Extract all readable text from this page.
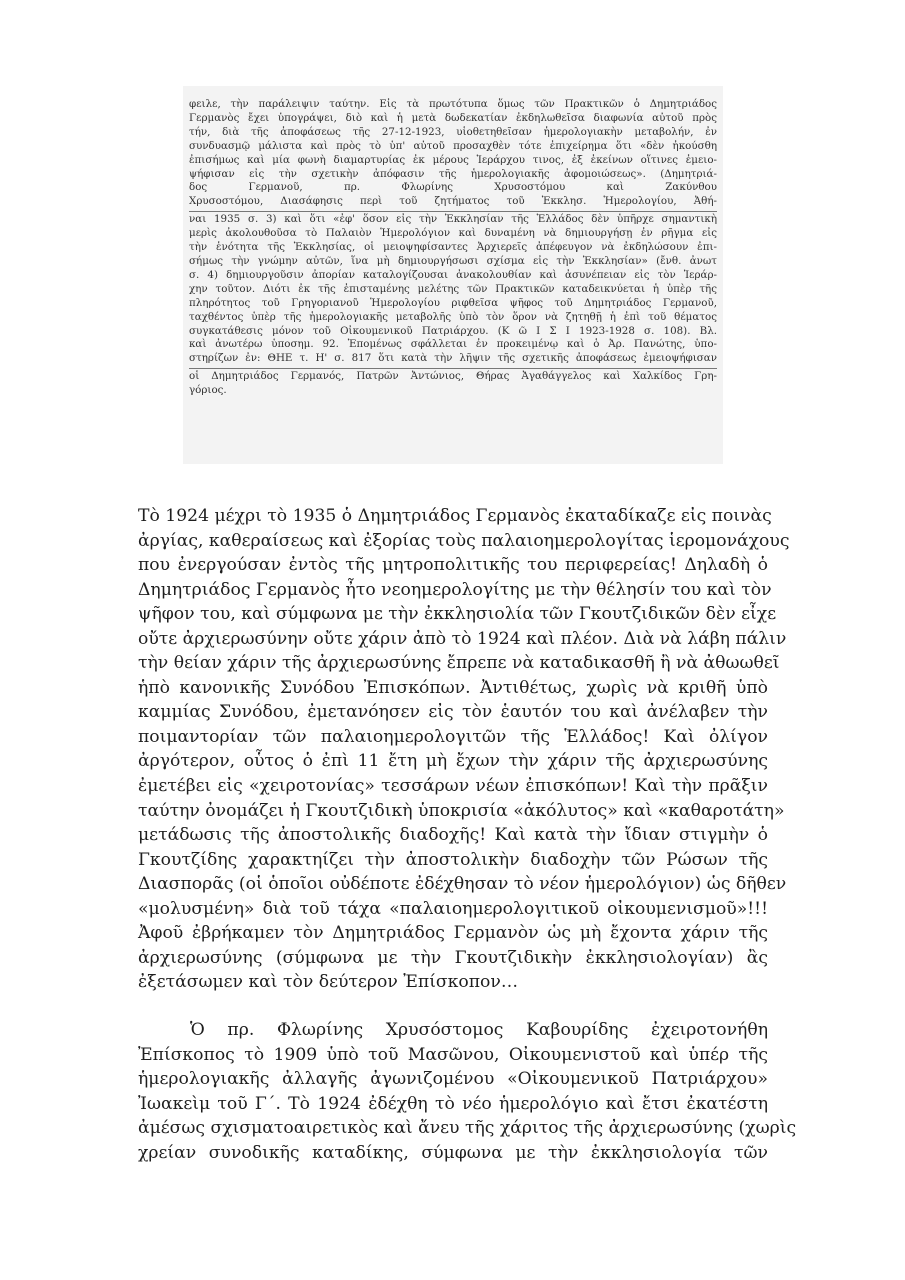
φειλε, τὴν παράλειψιν ταύτην. Εἰς τὰ πρωτότυπα ὅμως τῶν Πρακτικῶν ὁ Δημητριάδος
Γερμανὸς ἔχει ὑπογράψει, διὸ καὶ ἡ μετὰ δωδεκατίαν ἐκδηλωθεῖσα διαφωνία αὐτοῦ πρὸς
τήν, διὰ τῆς ἀποφάσεως τῆς 27-12-1923, υἱοθετηθεῖσαν ἡμερολογιακὴν μεταβολήν, ἐν
συνδυασμῷ μάλιστα καὶ πρὸς τὸ ὑπ' αὐτοῦ προσαχθὲν τότε ἐπιχείρημα ὅτι «δὲν ἠκούσθη
ἐπισήμως καὶ μία φωνὴ διαμαρτυρίας ἐκ μέρους Ἱεράρχου τινος, ἐξ ἐκείνων οἵτινες ἐμειο-
ψήφισαν εἰς τὴν σχετικὴν ἀπόφασιν τῆς ἡμερολογιακῆς ἀφομοιώσεως». (Δημητριά-
δος Γερμανοῦ, πρ. Φλωρίνης Χρυσοστόμου καὶ Ζακύνθου
Χρυσοστόμου, Διασάφησις περὶ τοῦ ζητήματος τοῦ Ἐκκλησ. Ἡμερολογίου, Ἀθή-
ναι 1935 σ. 3) καὶ ὅτι «ἐφ' ὅσον εἰς τὴν Ἐκκλησίαν τῆς Ἑλλάδος δὲν ὑπῆρχε σημαντικὴ
μερὶς ἀκολουθοῦσα τὸ Παλαιὸν Ἡμερολόγιον καὶ δυναμένη νὰ δημιουργήσῃ ἐν ρῆγμα εἰς
τὴν ἑνότητα τῆς Ἐκκλησίας, οἱ μειοψηφίσαντες Ἀρχιερεῖς ἀπέφευγον νὰ ἐκδηλώσουν ἐπι-
σήμως τὴν γνώμην αὐτῶν, ἵνα μὴ δημιουργήσωσι σχίσμα εἰς τὴν Ἐκκλησίαν» (ἔνθ. ἀνωτ
σ. 4) δημιουργοῦσιν ἀπορίαν καταλογίζουσαι ἀνακολουθίαν καὶ ἀσυνέπειαν εἰς τὸν Ἱεράρ-
χην τοῦτον. Διότι ἐκ τῆς ἐπισταμένης μελέτης τῶν Πρακτικῶν καταδεικνύεται ἡ ὑπὲρ τῆς
πληρότητος τοῦ Γρηγοριανοῦ Ἡμερολογίου ριφθεῖσα ψῆφος τοῦ Δημητριάδος Γερμανοῦ,
ταχθέντος ὑπὲρ τῆς ἡμερολογιακῆς μεταβολῆς ὑπὸ τὸν ὅρον νὰ ζητηθῇ ἡ ἐπὶ τοῦ θέματος
συγκατάθεσις μόνον τοῦ Οἰκουμενικοῦ Πατριάρχου. (Κ ῶ Ι Σ Ι 1923-1928 σ. 108). Βλ.
καὶ ἀνωτέρω ὑποσημ. 92. Ἐπομένως σφάλλεται ἐν προκειμένῳ καὶ ὁ Ἀρ. Πανώτης, ὑπο-
στηρίζων ἐν: ΘΗΕ τ. Η' σ. 817 ὅτι κατὰ τὴν λῆψιν τῆς σχετικῆς ἀποφάσεως ἐμειοψήφισαν
οἱ Δημητριάδος Γερμανός, Πατρῶν Ἀντώνιος, Θήρας Ἀγαθάγγελος καὶ Χαλκίδος Γρη-
γόριος.
Τὸ 1924 μέχρι τὸ 1935 ὁ Δημητριάδος Γερμανὸς ἐκαταδίκαζε εἰς ποινὰς
ἀργίας, καθεραίσεως καὶ ἐξορίας τοὺς παλαιοημερολογίτας ἱερομονάχους
που ἐνεργούσαν ἐντὸς τῆς μητροπολιτικῆς του περιφερείας! Δηλαδὴ ὁ
Δημητριάδος Γερμανὸς ἦτο νεοημερολογίτης με τὴν θέλησίν του καὶ τὸν
ψῆφον του, καὶ σύμφωνα με τὴν ἐκκλησιολία τῶν Γκουτζιδικῶν δὲν εἶχε
οὔτε ἀρχιερωσύνην οὔτε χάριν ἀπὸ τὸ 1924 καὶ πλέον. Διὰ νὰ λάβη πάλιν
τὴν θείαν χάριν τῆς ἀρχιερωσύνης ἔπρεπε νὰ καταδικασθῆ ἢ νὰ ἀθωωθεῖ
ἡπὸ κανονικῆς Συνόδου Ἐπισκόπων. Ἀντιθέτως, χωρὶς νὰ κριθῆ ὑπὸ
καμμίας Συνόδου, ἐμετανόησεν εἰς τὸν ἑαυτόν του καὶ ἀνέλαβεν τὴν
ποιμαντορίαν τῶν παλαιοημερολογιτῶν τῆς Ἑλλάδος! Καὶ ὀλίγον
ἀργότερον, οὗτος ὁ ἐπὶ 11 ἔτη μὴ ἔχων τὴν χάριν τῆς ἀρχιερωσύνης
ἐμετέβει εἰς «χειροτονίας» τεσσάρων νέων ἐπισκόπων! Καὶ τὴν πρᾶξιν
ταύτην ὀνομάζει ἡ Γκουτζιδικὴ ὑποκρισία «ἀκόλυτος» καὶ «καθαροτάτη»
μετάδωσις τῆς ἀποστολικῆς διαδοχῆς! Καὶ κατὰ τὴν ἴδιαν στιγμὴν ὁ
Γκουτζίδης χαρακτηίζει τὴν ἀποστολικὴν διαδοχὴν τῶν Ρώσων τῆς
Διασπορᾶς (οἱ ὁποῖοι οὐδέποτε ἐδέχθησαν τὸ νέον ἡμερολόγιον) ὡς δῆθεν
«μολυσμένη» διὰ τοῦ τάχα «παλαιοημερολογιτικοῦ οἰκουμενισμοῦ»!!!
Ἀφοῦ ἐβρήκαμεν τὸν Δημητριάδος Γερμανὸν ὡς μὴ ἔχοντα χάριν τῆς
ἀρχιερωσύνης (σύμφωνα με τὴν Γκουτζιδικὴν ἐκκλησιολογίαν) ἂς
ἐξετάσωμεν καὶ τὸν δεύτερον Ἐπίσκοπον…
Ὁ πρ. Φλωρίνης Χρυσόστομος Καβουρίδης ἐχειροτονήθη
Ἐπίσκοπος τὸ 1909 ὑπὸ τοῦ Μασῶνου, Οἰκουμενιστοῦ καὶ ὑπέρ τῆς
ἡμερολογιακῆς ἀλλαγῆς ἀγωνιζομένου «Οἰκουμενικοῦ Πατριάρχου»
Ἰωακεὶμ τοῦ Γ΄. Τὸ 1924 ἐδέχθη τὸ νέο ἡμερολόγιο καὶ ἔτσι ἐκατέστη
ἀμέσως σχισματοαιρετικὸς καὶ ἄνευ τῆς χάριτος τῆς ἀρχιερωσύνης (χωρὶς
χρείαν συνοδικῆς καταδίκης, σύμφωνα με τὴν ἐκκλησιολογία τῶν
